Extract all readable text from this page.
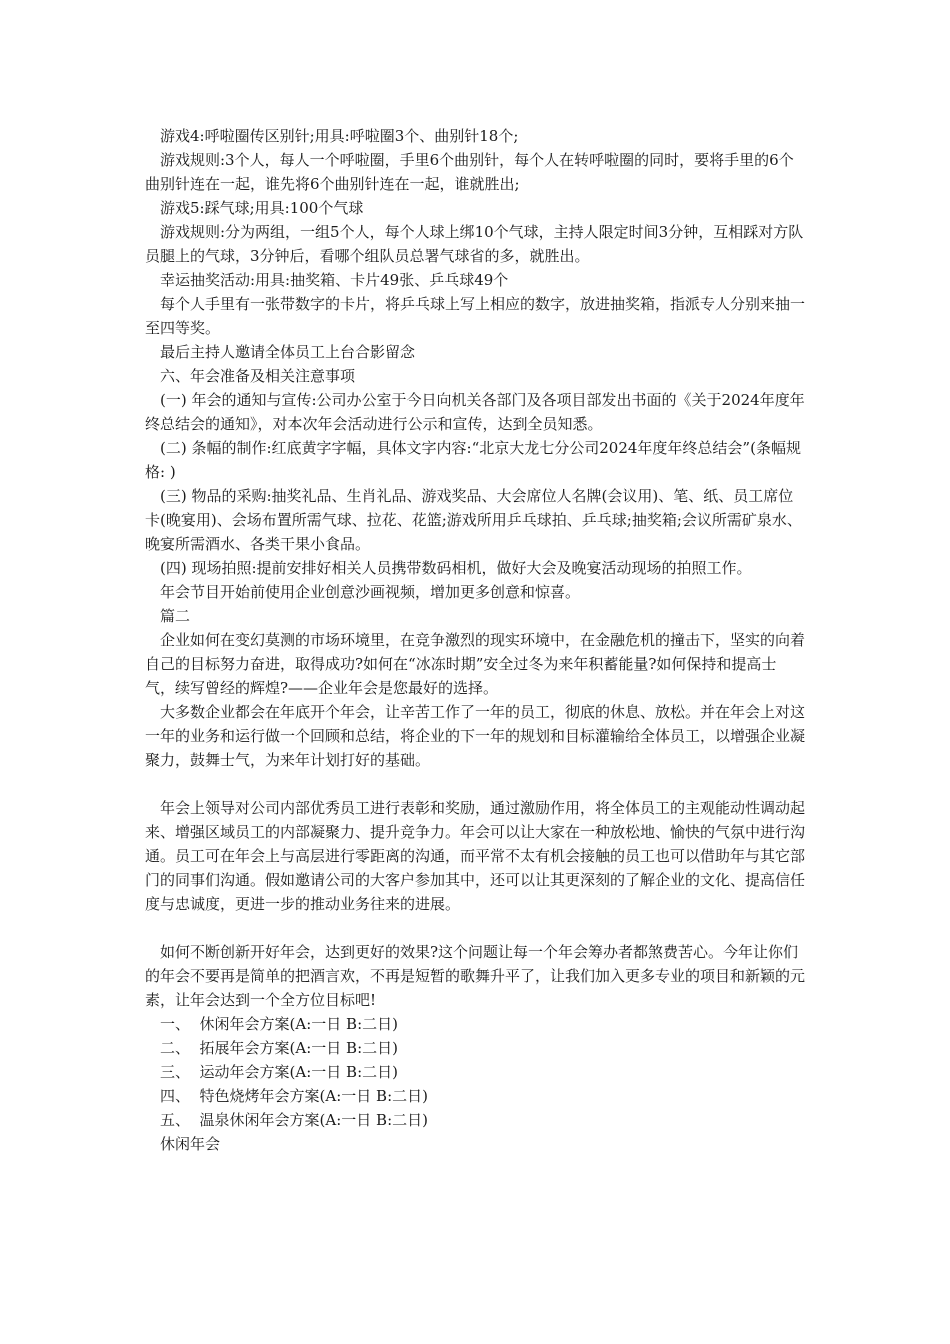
游戏4:呼啦圈传区别针;用具:呼啦圈3个、曲别针18个;

游戏规则:3个人，每人一个呼啦圈，手里6个曲别针，每个人在转呼啦圈的同时，要将手里的6个曲别针连在一起，谁先将6个曲别针连在一起，谁就胜出;

游戏5:踩气球;用具:100个气球

游戏规则:分为两组，一组5个人，每个人球上绑10个气球，主持人限定时间3分钟，互相踩对方队员腿上的气球，3分钟后，看哪个组队员总署气球省的多，就胜出。

幸运抽奖活动:用具:抽奖箱、卡片49张、乒乓球49个

每个人手里有一张带数字的卡片，将乒乓球上写上相应的数字，放进抽奖箱，指派专人分别来抽一至四等奖。

最后主持人邀请全体员工上台合影留念

六、年会准备及相关注意事项

(一) 年会的通知与宣传:公司办公室于今日向机关各部门及各项目部发出书面的《关于2024年度年终总结会的通知》，对本次年会活动进行公示和宣传，达到全员知悉。

(二) 条幅的制作:红底黄字字幅，具体文字内容:“北京大龙七分公司2024年度年终总结会”(条幅规格: )

(三) 物品的采购:抽奖礼品、生肖礼品、游戏奖品、大会席位人名牌(会议用)、笔、纸、员工席位卡(晚宴用)、会场布置所需气球、拉花、花篮;游戏所用乒乓球拍、乒乓球;抽奖箱;会议所需矿泉水、晚宴所需酒水、各类干果小食品。

(四) 现场拍照:提前安排好相关人员携带数码相机，做好大会及晚宴活动现场的拍照工作。

年会节目开始前使用企业创意沙画视频，增加更多创意和惊喜。

篇二

企业如何在变幻莫测的市场环境里，在竞争激烈的现实环境中，在金融危机的撞击下，坚实的向着自己的目标努力奋进，取得成功?如何在“冰冻时期”安全过冬为来年积蓄能量?如何保持和提高士气，续写曾经的辉煌?——企业年会是您最好的选择。

大多数企业都会在年底开个年会，让辛苦工作了一年的员工，彻底的休息、放松。并在年会上对这一年的业务和运行做一个回顾和总结，将企业的下一年的规划和目标灌输给全体员工，以增强企业凝聚力，鼓舞士气，为来年计划打好的基础。

年会上领导对公司内部优秀员工进行表彰和奖励，通过激励作用，将全体员工的主观能动性调动起来、增强区域员工的内部凝聚力、提升竞争力。年会可以让大家在一种放松地、愉快的气氛中进行沟通。员工可在年会上与高层进行零距离的沟通，而平常不太有机会接触的员工也可以借助年与其它部门的同事们沟通。假如邀请公司的大客户参加其中，还可以让其更深刻的了解企业的文化、提高信任度与忠诚度，更进一步的推动业务往来的进展。

如何不断创新开好年会，达到更好的效果?这个问题让每一个年会筹办者都煞费苦心。今年让你们的年会不要再是简单的把酒言欢，不再是短暂的歌舞升平了，让我们加入更多专业的项目和新颖的元素，让年会达到一个全方位目标吧!

一、  休闲年会方案(A:一日 B:二日)

二、  拓展年会方案(A:一日 B:二日)

三、  运动年会方案(A:一日 B:二日)

四、  特色烧烤年会方案(A:一日 B:二日)

五、  温泉休闲年会方案(A:一日 B:二日)

休闲年会
